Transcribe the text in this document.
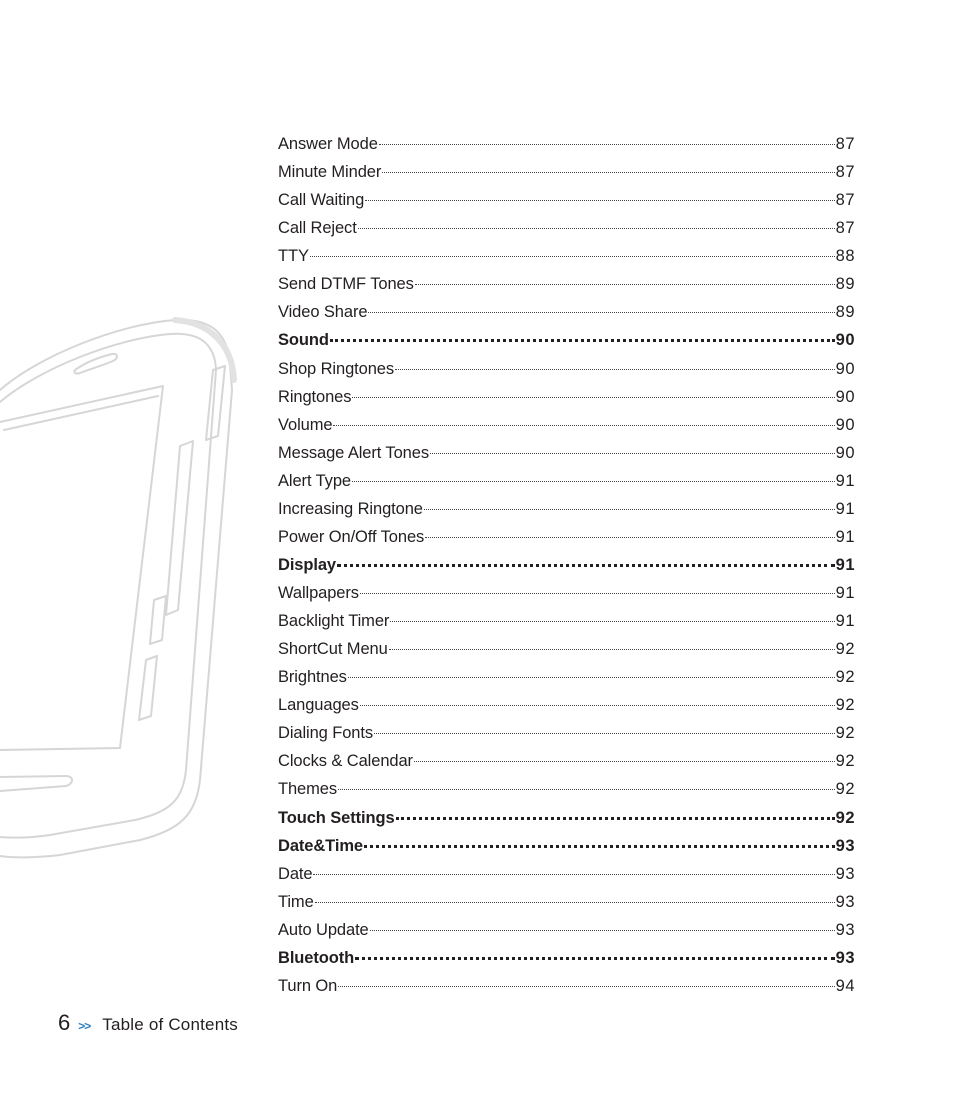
Answer Mode	87
Minute Minder	87
Call Waiting	87
Call Reject	87
TTY	88
Send DTMF Tones	89
Video Share	89
Sound	90
Shop Ringtones	90
Ringtones	90
Volume	90
Message Alert Tones	90
Alert Type	91
Increasing Ringtone	91
Power On/Off Tones	91
Display	91
Wallpapers	91
Backlight Timer	91
ShortCut Menu	92
Brightnes	92
Languages	92
Dialing Fonts	92
Clocks & Calendar	92
Themes	92
Touch Settings	92
Date&Time	93
Date	93
Time	93
Auto Update	93
Bluetooth	93
Turn On	94
6 >> Table of Contents
